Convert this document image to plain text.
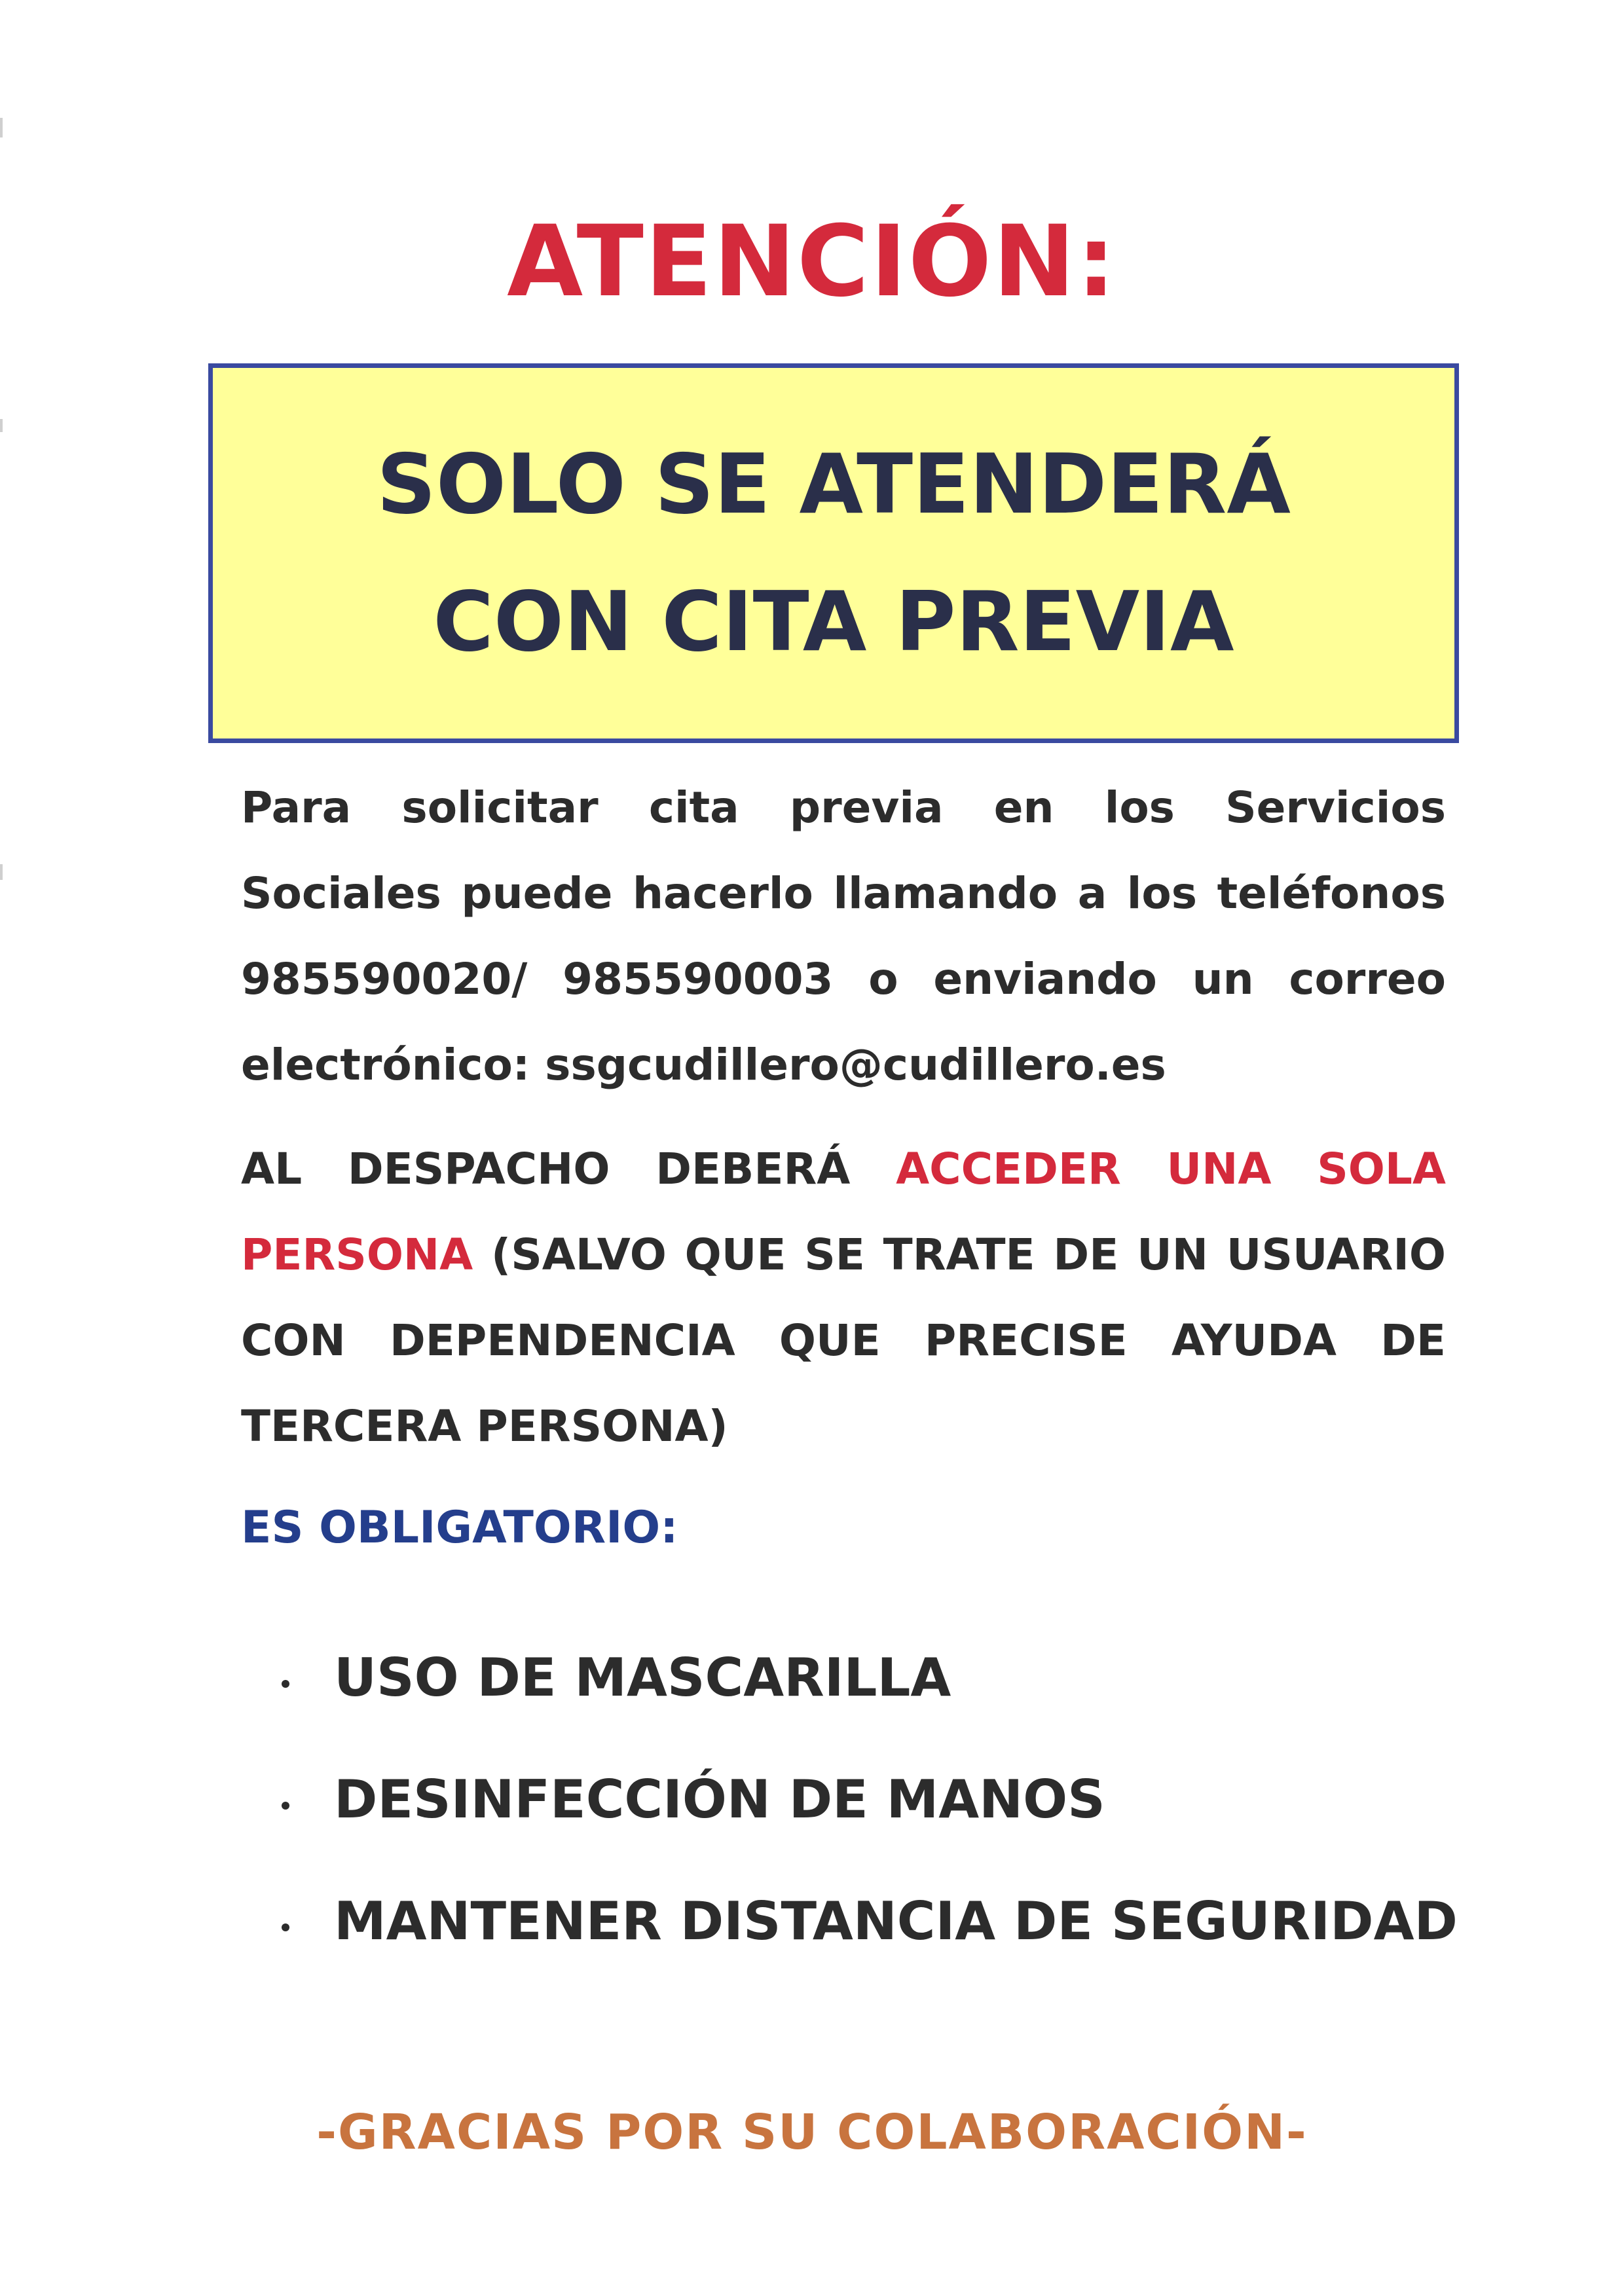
ATENCIÓN:
SOLO SE ATENDERÁ
CON CITA PREVIA
Para solicitar cita previa en los Servicios Sociales puede hacerlo llamando a los teléfonos 985590020/ 985590003 o enviando un correo electrónico: ssgcudillero@cudillero.es
AL DESPACHO DEBERÁ ACCEDER UNA SOLA PERSONA (SALVO QUE SE TRATE DE UN USUARIO CON DEPENDENCIA QUE PRECISE AYUDA DE TERCERA PERSONA)
ES OBLIGATORIO:
USO DE MASCARILLA
DESINFECCIÓN DE MANOS
MANTENER DISTANCIA DE SEGURIDAD
-GRACIAS POR SU COLABORACIÓN-
